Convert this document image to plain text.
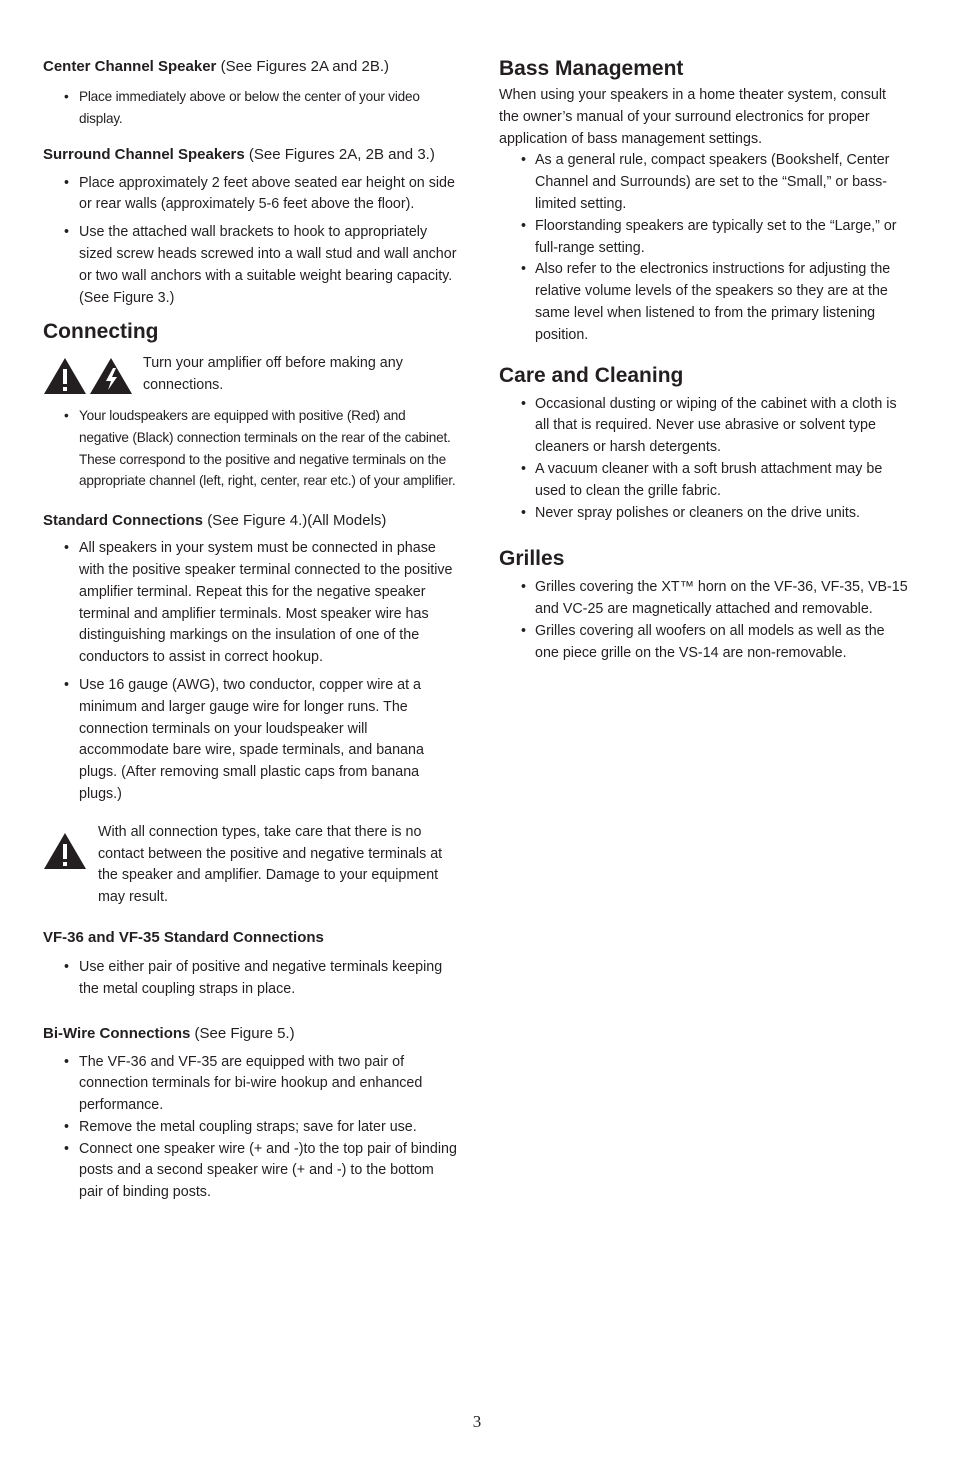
Center Channel Speaker (See Figures 2A and 2B.)

• Place immediately above or below the center of your video display.

Surround Channel Speakers (See Figures 2A, 2B and 3.)

• Place approximately 2 feet above seated ear height on side or rear walls (approximately 5-6 feet above the floor).
• Use the attached wall brackets to hook to appropriately sized screw heads screwed into a wall stud and wall anchor or two wall anchors with a suitable weight bearing capacity. (See Figure 3.)

Connecting

Turn your amplifier off before making any connections.
• Your loudspeakers are equipped with positive (Red) and negative (Black) connection terminals on the rear of the cabinet. These correspond to the positive and negative terminals on the appropriate channel (left, right, center, rear etc.) of your amplifier.

Standard Connections (See Figure 4.)(All Models)

• All speakers in your system must be connected in phase with the positive speaker terminal connected to the positive amplifier terminal. Repeat this for the negative speaker terminal and amplifier terminals. Most speaker wire has distinguishing markings on the insulation of one of the conductors to assist in correct hookup.
• Use 16 gauge (AWG), two conductor, copper wire at a minimum and larger gauge wire for longer runs. The connection terminals on your loudspeaker will accommodate bare wire, spade terminals, and banana plugs. (After removing small plastic caps from banana plugs.)
With all connection types, take care that there is no contact between the positive and negative terminals at the speaker and amplifier. Damage to your equipment may result.

VF-36 and VF-35 Standard Connections

• Use either pair of positive and negative terminals keeping the metal coupling straps in place.

Bi-Wire Connections (See Figure 5.)

• The VF-36 and VF-35 are equipped with two pair of connection terminals for bi-wire hookup and enhanced performance.
• Remove the metal coupling straps; save for later use.
• Connect one speaker wire (+ and -)to the top pair of binding posts and a second speaker wire (+ and -) to the bottom pair of binding posts.

Bass Management

When using your speakers in a home theater system, consult the owner’s manual of your surround electronics for proper application of bass management settings.

• As a general rule, compact speakers (Bookshelf, Center Channel and Surrounds) are set to the “Small,” or bass-limited setting.
• Floorstanding speakers are typically set to the “Large,” or full-range setting.
• Also refer to the electronics instructions for adjusting the relative volume levels of the speakers so they are at the same level when listened to from the primary listening position.

Care and Cleaning

• Occasional dusting or wiping of the cabinet with a cloth is all that is required. Never use abrasive or solvent type cleaners or harsh detergents.
• A vacuum cleaner with a soft brush attachment may be used to clean the grille fabric.
• Never spray polishes or cleaners on the drive units.

Grilles

• Grilles covering the XT™ horn on the VF-36, VF-35, VB-15 and VC-25 are magnetically attached and removable.
• Grilles covering all woofers on all models as well as the one piece grille on the VS-14 are non-removable.
3
